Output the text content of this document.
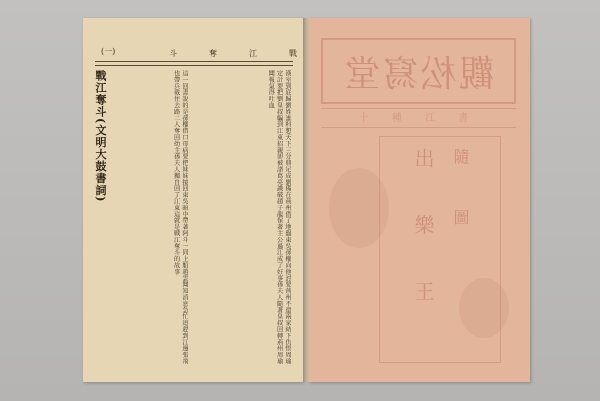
(一)	斗	奪	江	戰
漢室到底歸劉姓誰料想天下三分鼎足成劉備在荊州借了地盤東吳孫權向他討要荊州不還兩家結下仇恨周瑜定計要把劉皇叔騙到江東招親卻被諸葛亮識破趙子龍保著主公過江成了好事孫夫人隨著皇叔回轉荊州周瑜聞報氣得吐血
這一回書說的是孫權借口母病要把妹妹接回東吳暗中帶著阿斗一同上船趙雲聞知消息急忙追趕到江邊張飛也帶兵截住去路二人奪回幼主孫夫人獨自回了江東這就是戰江奪斗的故事
戰江奪斗(文明大鼓書詞)	觀松寫堂
十 種 江 書
出 樂 王 隨 圖
